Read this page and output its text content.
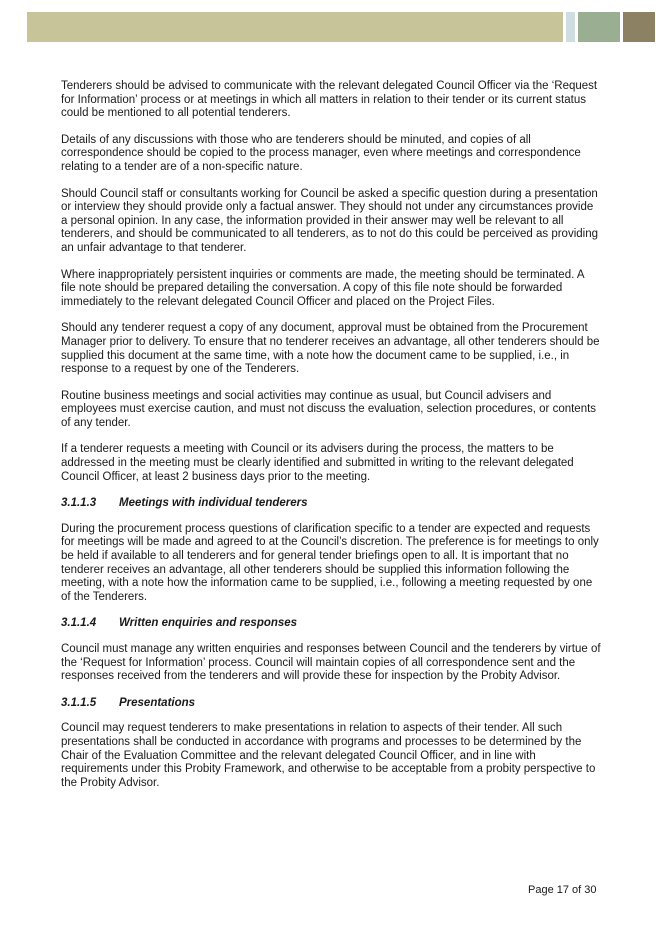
Tenderers should be advised to communicate with the relevant delegated Council Officer via the ‘Request for Information’ process or at meetings in which all matters in relation to their tender or its current status could be mentioned to all potential tenderers.

Details of any discussions with those who are tenderers should be minuted, and copies of all correspondence should be copied to the process manager, even where meetings and correspondence relating to a tender are of a non-specific nature.

Should Council staff or consultants working for Council be asked a specific question during a presentation or interview they should provide only a factual answer. They should not under any circumstances provide a personal opinion. In any case, the information provided in their answer may well be relevant to all tenderers, and should be communicated to all tenderers, as to not do this could be perceived as providing an unfair advantage to that tenderer.

Where inappropriately persistent inquiries or comments are made, the meeting should be terminated. A file note should be prepared detailing the conversation. A copy of this file note should be forwarded immediately to the relevant delegated Council Officer and placed on the Project Files.

Should any tenderer request a copy of any document, approval must be obtained from the Procurement Manager prior to delivery. To ensure that no tenderer receives an advantage, all other tenderers should be supplied this document at the same time, with a note how the document came to be supplied, i.e., in response to a request by one of the Tenderers.

Routine business meetings and social activities may continue as usual, but Council advisers and employees must exercise caution, and must not discuss the evaluation, selection procedures, or contents of any tender.

If a tenderer requests a meeting with Council or its advisers during the process, the matters to be addressed in the meeting must be clearly identified and submitted in writing to the relevant delegated Council Officer, at least 2 business days prior to the meeting.

3.1.1.3	Meetings with individual tenderers

During the procurement process questions of clarification specific to a tender are expected and requests for meetings will be made and agreed to at the Council’s discretion. The preference is for meetings to only be held if available to all tenderers and for general tender briefings open to all. It is important that no tenderer receives an advantage, all other tenderers should be supplied this information following the meeting, with a note how the information came to be supplied, i.e., following a meeting requested by one of the Tenderers.

3.1.1.4	Written enquiries and responses

Council must manage any written enquiries and responses between Council and the tenderers by virtue of the ‘Request for Information’ process. Council will maintain copies of all correspondence sent and the responses received from the tenderers and will provide these for inspection by the Probity Advisor.

3.1.1.5	Presentations

Council may request tenderers to make presentations in relation to aspects of their tender. All such presentations shall be conducted in accordance with programs and processes to be determined by the Chair of the Evaluation Committee and the relevant delegated Council Officer, and in line with requirements under this Probity Framework, and otherwise to be acceptable from a probity perspective to the Probity Advisor.

Page 17 of 30
